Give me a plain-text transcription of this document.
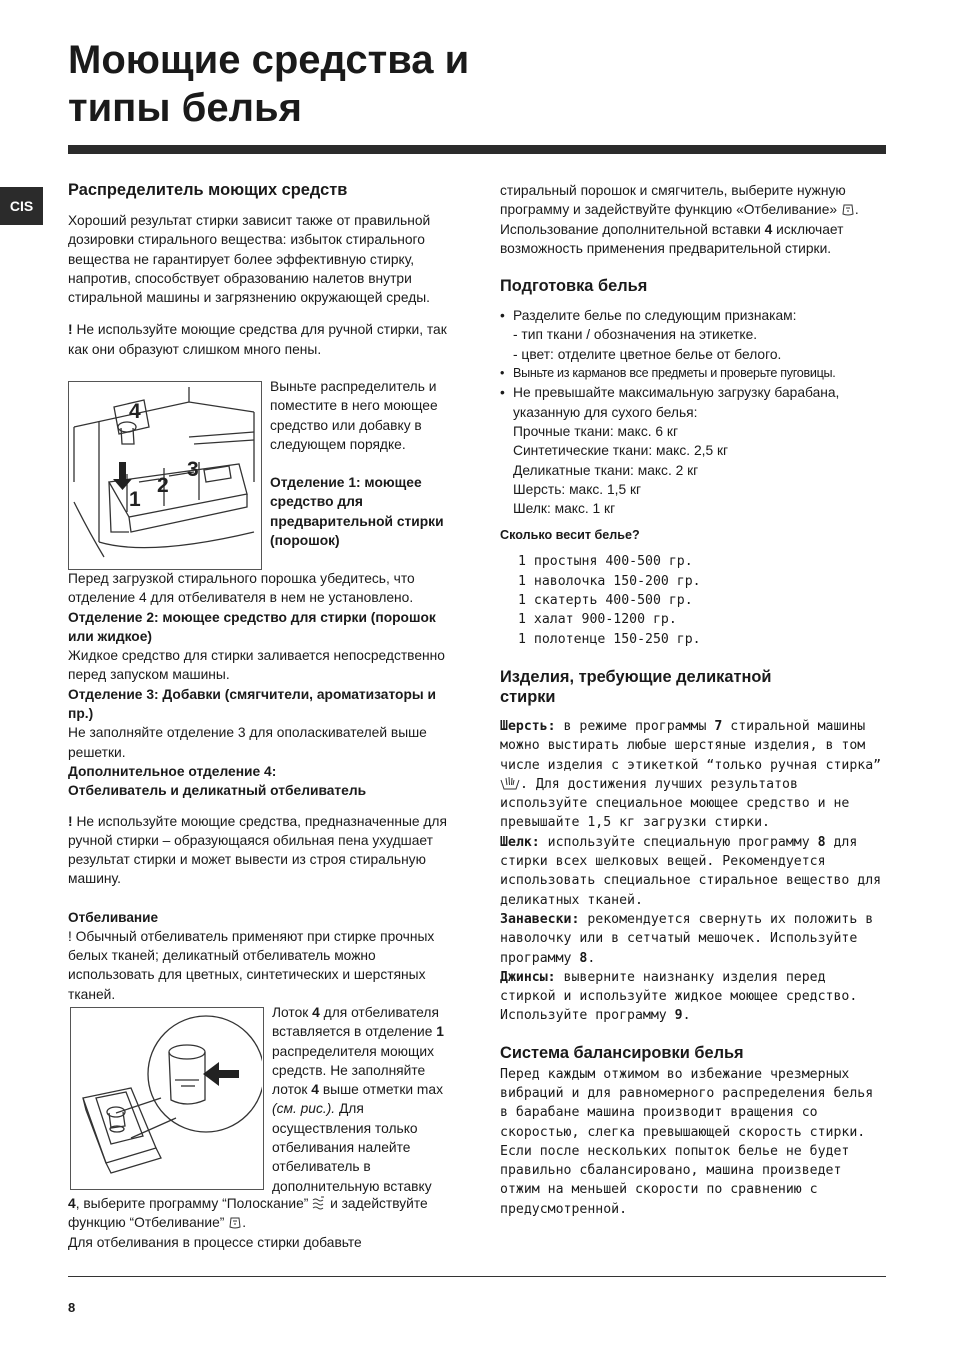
Моющие средства и
типы белья
CIS

Распределитель моющих средств

Хороший результат стирки зависит также от правильной дозировки стирального вещества: избыток стирального вещества не гарантирует более эффективную стирку, напротив, способствует образованию налетов внутри стиральной машины и загрязнению окружающей среды.

! Не используйте моющие средства для ручной стирки, так как они образуют слишком много пены.

4
3
1
2

Выньте распределитель и поместите в него моющее средство или добавку в следующем порядке.

Отделение 1: моющее средство для предварительной стирки (порошок)

Перед загрузкой стирального порошка убедитесь, что отделение 4 для отбеливателя в нем не установлено.

Отделение 2: моющее средство для стирки (порошок или жидкое)

Жидкое средство для стирки заливается непосредственно перед запуском машины.

Отделение 3: Добавки (смягчители, ароматизаторы и пр.)

Не заполняйте отделение 3 для ополаскивателей выше решетки.

Дополнительное отделение 4:

Отбеливатель и деликатный отбеливатель

! Не используйте моющие средства, предназначенные для ручной стирки – образующаяся обильная пена ухудшает результат стирки и может вывести из строя стиральную машину.

Отбеливание

! Обычный отбеливатель применяют при стирке прочных белых тканей; деликатный отбеливатель можно использовать для цветных, синтетических и шерстяных тканей.

Лоток 4 для отбеливателя вставляется в отделение 1 распределителя моющих средств. Не заполняйте лоток 4 выше отметки max (см. рис.). Для осуществления только отбеливания налейте отбеливатель в дополнительную вставку

4, выберите программу “Полоскание”  и задействуйте функцию “Отбеливание” .

Для отбеливания в процессе стирки добавьте

стиральный порошок и смягчитель, выберите нужную программу и задействуйте функцию «Отбеливание» . Использование дополнительной вставки 4 исключает возможность применения предварительной стирки.

Подготовка белья

• Разделите белье по следующим признакам:
- тип ткани / обозначения на этикетке.
- цвет: отделите цветное белье от белого.
• Выньте из карманов все предметы и проверьте пуговицы.
• Не превышайте максимальную загрузку барабана, указанную для сухого белья:
Прочные ткани: макс. 6 кг
Синтетические ткани: макс. 2,5 кг
Деликатные ткани: макс. 2 кг
Шерсть: макс. 1,5 кг
Шелк: макс. 1 кг

Сколько весит белье?

1 простыня 400-500 гр.
1 наволочка 150-200 гр.
1 скатерть 400-500 гр.
1 халат 900-1200 гр.
1 полотенце 150-250 гр.

Изделия, требующие деликатной
стирки

Шерсть: в режиме программы 7 стиральной машины можно выстирать любые шерстяные изделия, в том числе изделия с этикеткой “только ручная стирка” . Для достижения лучших результатов используйте специальное моющее средство и не превышайте 1,5 кг загрузки стирки.
Шелк: используйте специальную программу 8 для стирки всех шелковых вещей. Рекомендуется использовать специальное стиральное вещество для деликатных тканей.
Занавески: рекомендуется свернуть их положить в наволочку или в сетчатый мешочек. Используйте программу 8.
Джинсы: выверните наизнанку изделия перед стиркой и используйте жидкое моющее средство. Используйте программу 9.

Система балансировки белья

Перед каждым отжимом во избежание чрезмерных вибраций и для равномерного распределения белья в барабане машина производит вращения со скоростью, слегка превышающей скорость стирки. Если после нескольких попыток белье не будет правильно сбалансировано, машина произведет отжим на меньшей скорости по сравнению с предусмотренной.

8
